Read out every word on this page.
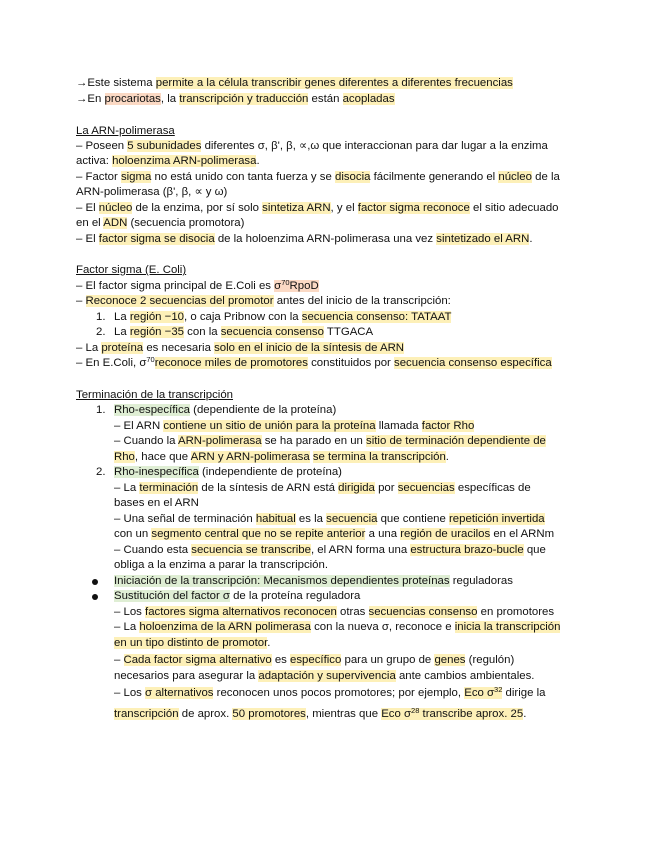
→Este sistema permite a la célula transcribir genes diferentes a diferentes frecuencias
→En procariotas, la transcripción y traducción están acopladas
La ARN-polimerasa
– Poseen 5 subunidades diferentes σ, β', β, ∝,ω que interaccionan para dar lugar a la enzima
activa: holoenzima ARN-polimerasa.
– Factor sigma no está unido con tanta fuerza y se disocia fácilmente generando el núcleo de la
ARN-polimerasa (β', β, ∝ y ω)
– El núcleo de la enzima, por sí solo sintetiza ARN, y el factor sigma reconoce el sitio adecuado
en el ADN (secuencia promotora)
– El factor sigma se disocia de la holoenzima ARN-polimerasa una vez sintetizado el ARN.
Factor sigma (E. Coli)
– El factor sigma principal de E.Coli es $\sigma^{70}RpoD$
– Reconoce 2 secuencias del promotor antes del inicio de la transcripción:
1. La región −10, o caja Pribnow con la secuencia consenso: TATAAT
2. La región −35 con la secuencia consenso TTGACA
– La proteína es necesaria solo en el inicio de la síntesis de ARN
– En E.Coli, $\sigma^{70}reconoce$ miles de promotores constituidos por secuencia consenso específica
Terminación de la transcripción
1. Rho-específica (dependiente de la proteína)
– El ARN contiene un sitio de unión para la proteína llamada factor Rho
– Cuando la ARN-polimerasa se ha parado en un sitio de terminación dependiente de
Rho, hace que ARN y ARN-polimerasa se termina la transcripción.
2. Rho-inespecífica (independiente de proteína)
– La terminación de la síntesis de ARN está dirigida por secuencias específicas de
bases en el ARN
– Una señal de terminación habitual es la secuencia que contiene repetición invertida
con un segmento central que no se repite anterior a una región de uracilos en el ARNm
– Cuando esta secuencia se transcribe, el ARN forma una estructura brazo-bucle que
obliga a la enzima a parar la transcripción.
Iniciación de la transcripción: Mecanismos dependientes proteínas reguladoras
Sustitución del factor σ de la proteína reguladora
– Los factores sigma alternativos reconocen otras secuencias consenso en promotores
– La holoenzima de la ARN polimerasa con la nueva σ, reconoce e inicia la transcripción
en un tipo distinto de promotor.
– Cada factor sigma alternativo es específico para un grupo de genes (regulón)
necesarios para asegurar la adaptación y supervivencia ante cambios ambientales.
– Los σ alternativos reconocen unos pocos promotores; por ejemplo, Eco $\sigma^{32}$ dirige la
transcripción de aprox. 50 promotores, mientras que Eco $\sigma^{28}$ transcribe aprox. 25.
